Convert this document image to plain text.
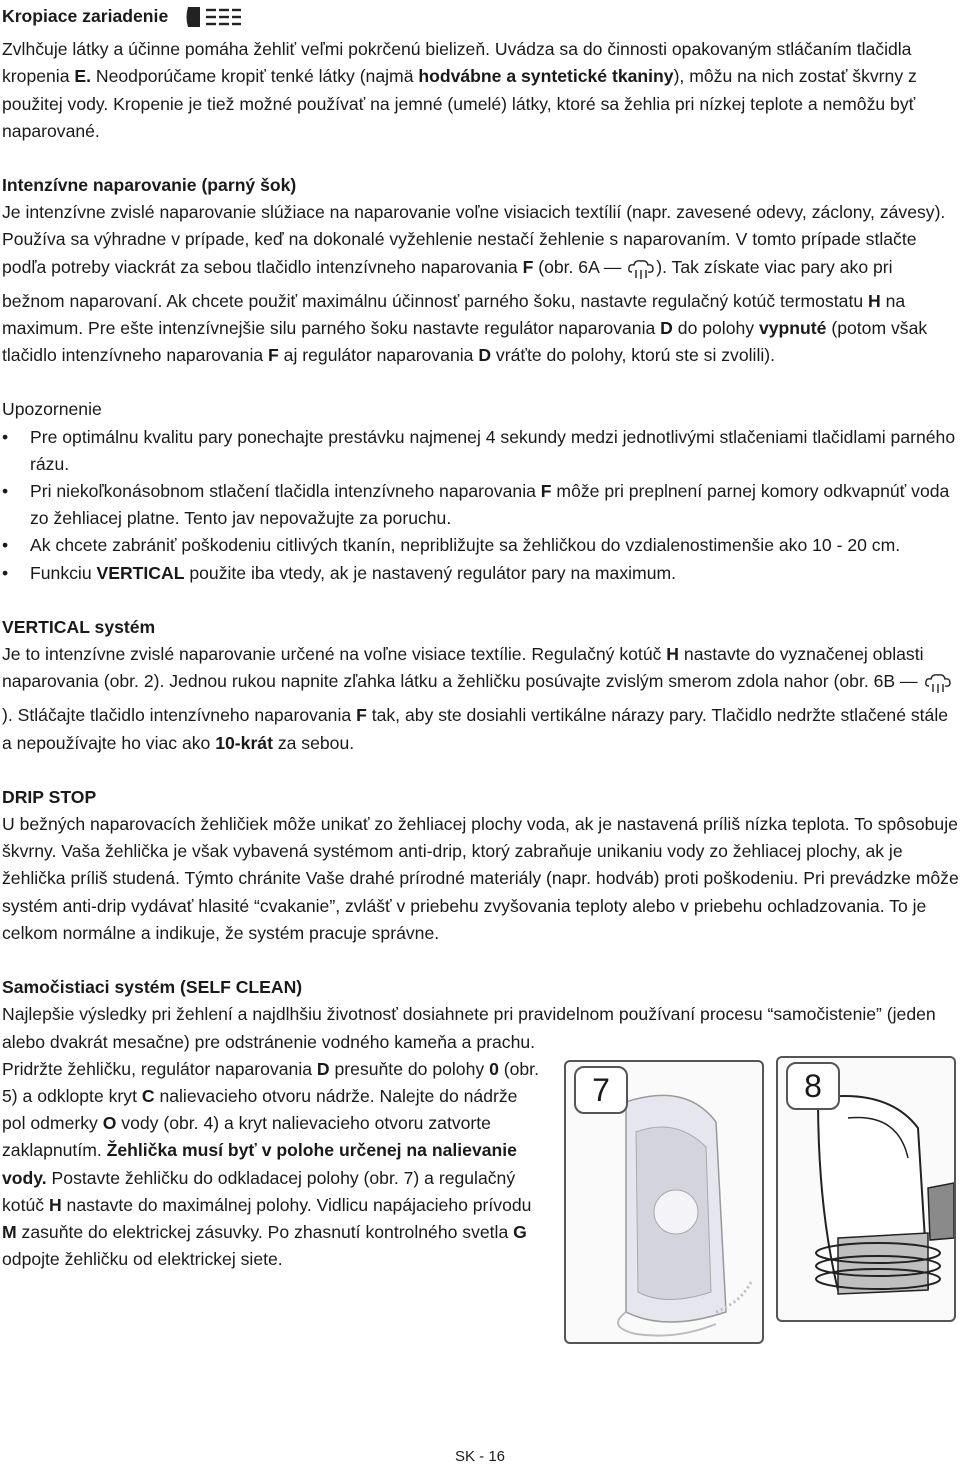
Kropiace zariadenie

Zvlhčuje látky a účinne pomáha žehliť veľmi pokrčenú bielizeň. Uvádza sa do činnosti opakovaným stláčaním tlačidla kropenia E. Neodporúčame kropiť tenké látky (najmä hodvábne a syntetické tkaniny), môžu na nich zostať škvrny z použitej vody. Kropenie je tiež možné používať na jemné (umelé) látky, ktoré sa žehlia pri nízkej teplote a nemôžu byť naparované.

Intenzívne naparovanie (parný šok)

Je intenzívne zvislé naparovanie slúžiace na naparovanie voľne visiacich textílií (napr. zavesené odevy, záclony, závesy). Používa sa výhradne v prípade, keď na dokonalé vyžehlenie nestačí žehlenie s naparovaním. V tomto prípade stlačte podľa potreby viackrát za sebou tlačidlo intenzívneho naparovania F (obr. 6A — ). Tak získate viac pary ako pri bežnom naparovaní. Ak chcete použiť maximálnu účinnosť parného šoku, nastavte regulačný kotúč termostatu H na maximum. Pre ešte intenzívnejšie silu parného šoku nastavte regulátor naparovania D do polohy vypnuté (potom však tlačidlo intenzívneho naparovania F aj regulátor naparovania D vráťte do polohy, ktorú ste si zvolili).

Upozornenie
• Pre optimálnu kvalitu pary ponechajte prestávku najmenej 4 sekundy medzi jednotlivými stlačeniami tlačidlami parného rázu.
• Pri niekoľkonásobnom stlačení tlačidla intenzívneho naparovania F môže pri preplnení parnej komory odkvapnúť voda zo žehliacej platne. Tento jav nepovažujte za poruchu.
• Ak chcete zabrániť poškodeniu citlivých tkanín, nepribližujte sa žehličkou do vzdialenostimenšie ako 10 - 20 cm.
• Funkciu VERTICAL použite iba vtedy, ak je nastavený regulátor pary na maximum.
VERTICAL systém

Je to intenzívne zvislé naparovanie určené na voľne visiace textílie. Regulačný kotúč H nastavte do vyznačenej oblasti naparovania (obr. 2). Jednou rukou napnite zľahka látku a žehličku posúvajte zvislým smerom zdola nahor (obr. 6B — ). Stláčajte tlačidlo intenzívneho naparovania F tak, aby ste dosiahli vertikálne nárazy pary. Tlačidlo nedržte stlačené stále a nepoužívajte ho viac ako 10-krát za sebou.

DRIP STOP

U bežných naparovacích žehličiek môže unikať zo žehliacej plochy voda, ak je nastavená príliš nízka teplota. To spôsobuje škvrny. Vaša žehlička je však vybavená systémom anti-drip, ktorý zabraňuje unikaniu vody zo žehliacej plochy, ak je žehlička príliš studená. Týmto chránite Vaše drahé prírodné materiály (napr. hodváb) proti poškodeniu. Pri prevádzke môže systém anti-drip vydávať hlasité “cvakanie”, zvlášť v priebehu zvyšovania teploty alebo v priebehu ochladzovania. To je celkom normálne a indikuje, že systém pracuje správne.

Samočistiaci systém (SELF CLEAN)

Najlepšie výsledky pri žehlení a najdlhšiu životnosť dosiahnete pri pravidelnom používaní procesu “samočistenie” (jeden alebo dvakrát mesačne) pre odstránenie vodného kameňa a prachu.

Pridržte žehličku, regulátor naparovania D presuňte do polohy 0 (obr. 5) a odklopte kryt C nalievacieho otvoru nádrže. Nalejte do nádrže pol odmerky O vody (obr. 4) a kryt nalievacieho otvoru zatvorte zaklapnutím. Žehlička musí byť v polohe určenej na nalievanie vody. Postavte žehličku do odkladacej polohy (obr. 7) a regulačný kotúč H nastavte do maximálnej polohy. Vidlicu napájacieho prívodu M zasuňte do elektrickej zásuvky. Po zhasnutí kontrolného svetla G odpojte žehličku od elektrickej siete.

7	8
SK - 16
